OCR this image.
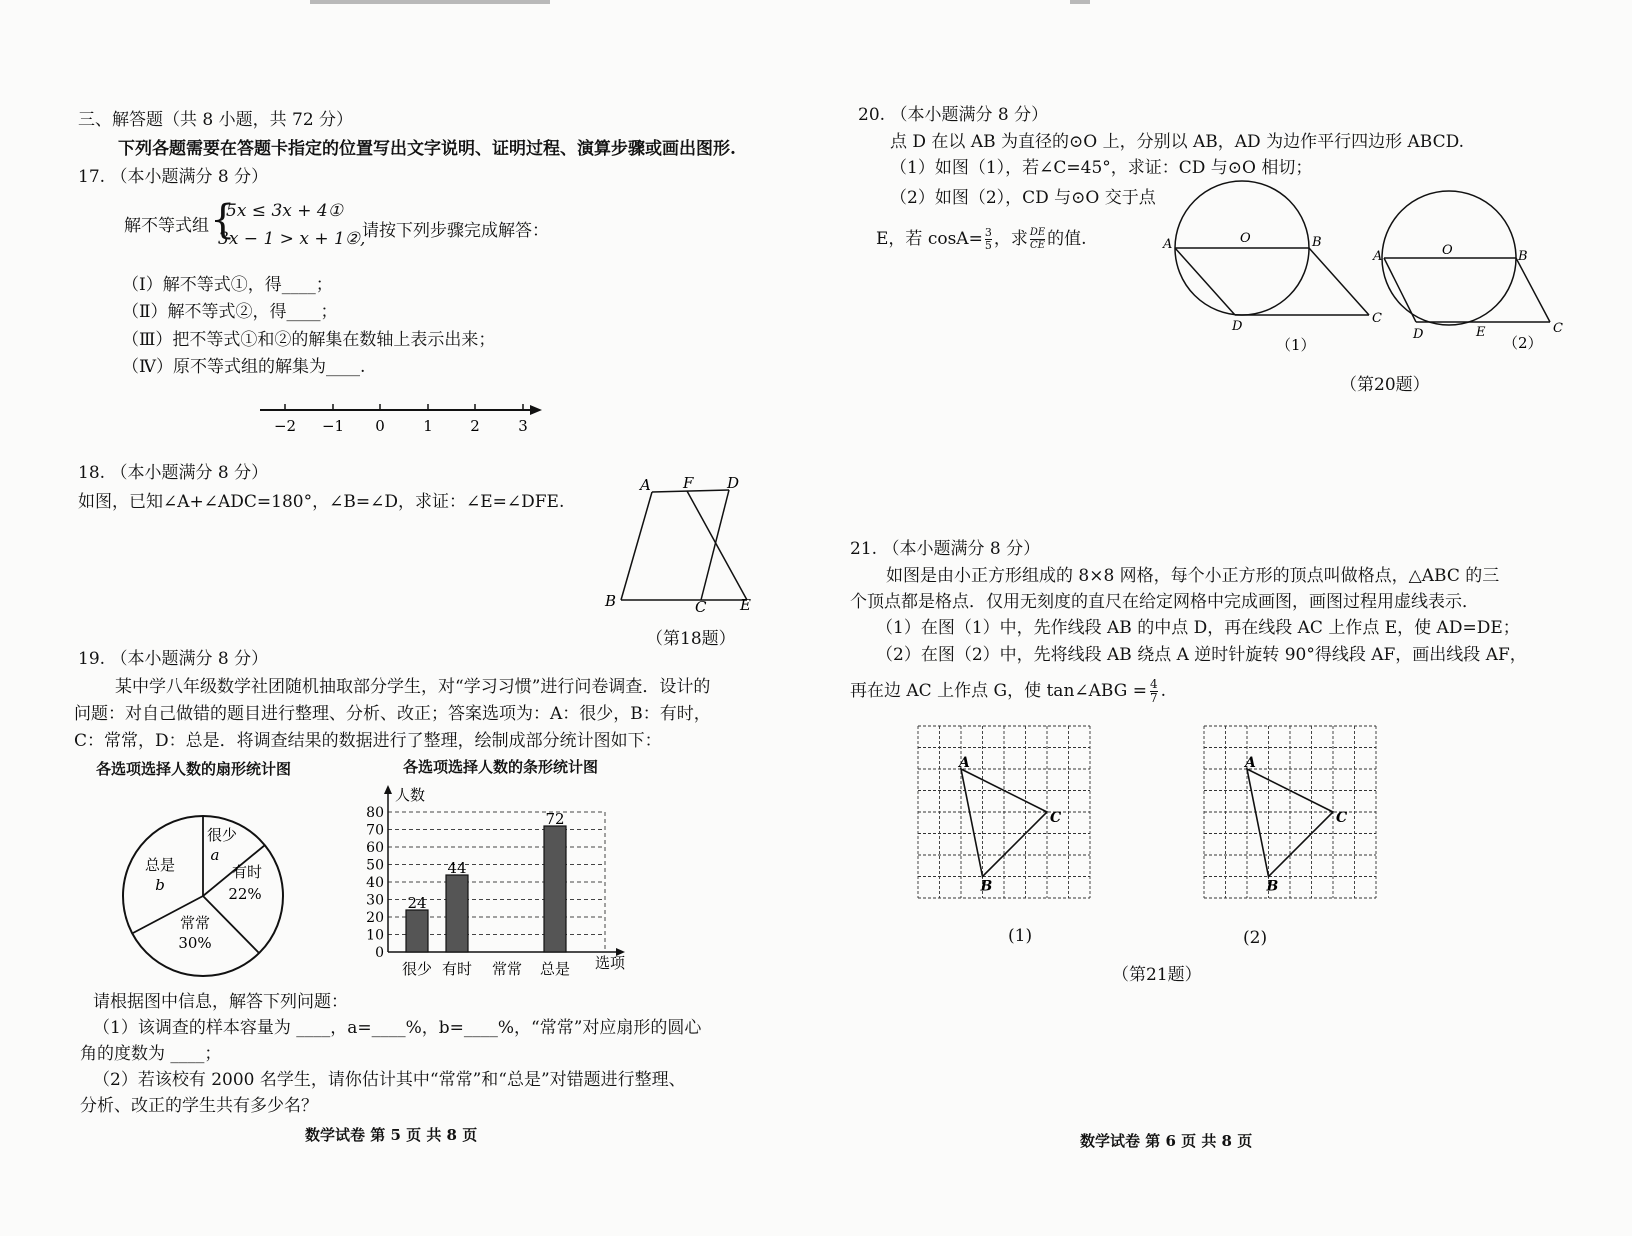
三、解答题（共 8 小题，共 72 分）
下列各题需要在答题卡指定的位置写出文字说明、证明过程、演算步骤或画出图形.
17. （本小题满分 8 分）
解不等式组 {
5x ≤ 3x + 4①
3x − 1 > x + 1②,
请按下列步骤完成解答：
（Ⅰ）解不等式①，得____；
（Ⅱ）解不等式②，得____；
（Ⅲ）把不等式①和②的解集在数轴上表示出来；
（Ⅳ）原不等式组的解集为____.
−2 −1 0	1 2	3
18. （本小题满分 8 分）
如图，已知∠A+∠ADC=180°，∠B=∠D，求证：∠E=∠DFE.
A F D
B	C E
（第18题）
19. （本小题满分 8 分）
某中学八年级数学社团随机抽取部分学生，对“学习习惯”进行问卷调查．设计的
问题：对自己做错的题目进行整理、分析、改正；答案选项为：A：很少，B：有时，
C：常常，D：总是．将调查结果的数据进行了整理，绘制成部分统计图如下：
各选项选择人数的扇形统计图	各选项选择人数的条形统计图
很少
a
有时
22%
常常
30%
总是
b
0
10
20
30
40
50
60
70
80
人数
选项
24
44
72
很少 有时 常常 总是
请根据图中信息，解答下列问题：
（1）该调查的样本容量为 ____，a=____%，b=____%，“常常”对应扇形的圆心
角的度数为 ____；
（2）若该校有 2000 名学生，请你估计其中“常常”和“总是”对错题进行整理、
分析、改正的学生共有多少名？
数学试卷 第 5 页 共 8 页
20. （本小题满分 8 分）
点 D 在以 AB 为直径的⊙O 上，分别以 AB，AD 为边作平行四边形 ABCD.
（1）如图（1），若∠C=45°，求证：CD 与⊙O 相切；
（2）如图（2），CD 与⊙O 交于点
E，若 $\cos A= \frac{3}{5}$ ，求 $\frac{DE}{CE}$ 的值.	A	O	B
D
C
（1）
A	O	B
D	E	C
（2）
（第20题）
21. （本小题满分 8 分）
如图是由小正方形组成的 8×8 网格，每个小正方形的顶点叫做格点，△ABC 的三
个顶点都是格点．仅用无刻度的直尺在给定网格中完成画图，画图过程用虚线表示．
（1）在图（1）中，先作线段 AB 的中点 D，再在线段 AC 上作点 E，使 AD=DE；
（2）在图（2）中，先将线段 AB 绕点 A 逆时针旋转 90°得线段 AF，画出线段 AF，
再在边 AC 上作点 G，使 tan∠ABG = $\frac{4}{7}$ .
A
C
B
A
C
B
(1)	(2)
（第21题）
数学试卷 第 6 页 共 8 页
